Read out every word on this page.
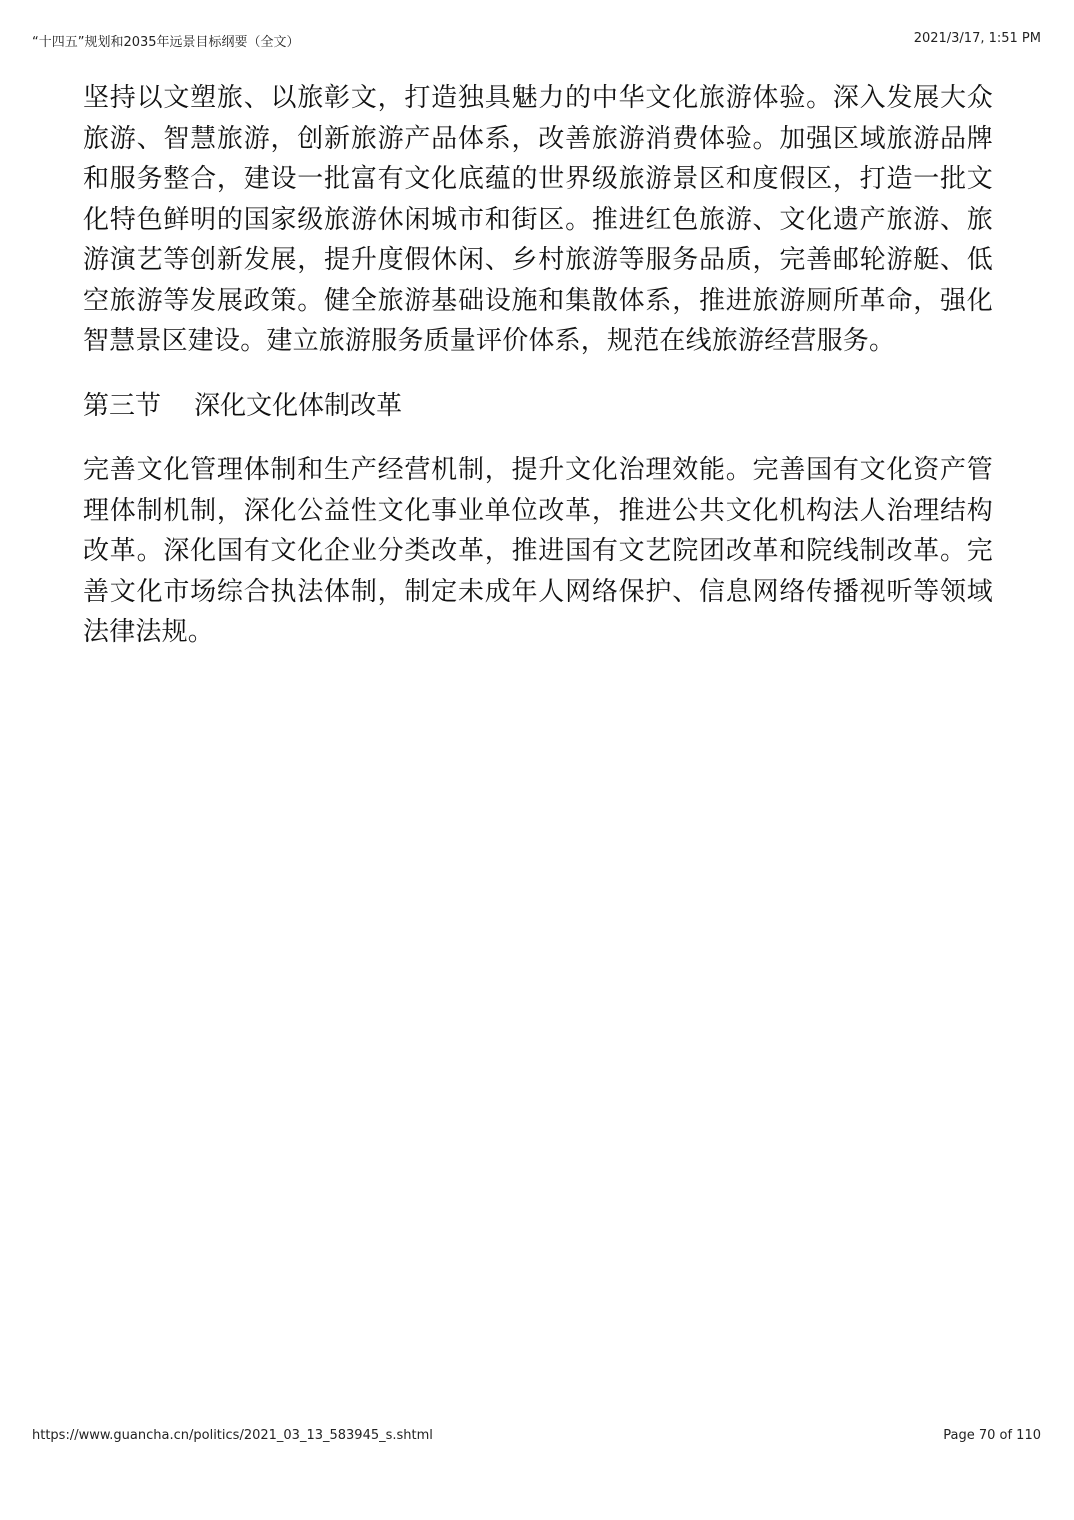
“十四五”规划和2035年远景目标纲要（全文）	2021/3/17, 1:51 PM

坚持以文塑旅、以旅彰文，打造独具魅力的中华文化旅游体验。深入发展大众旅游、智慧旅游，创新旅游产品体系，改善旅游消费体验。加强区域旅游品牌和服务整合，建设一批富有文化底蕴的世界级旅游景区和度假区，打造一批文化特色鲜明的国家级旅游休闲城市和街区。推进红色旅游、文化遗产旅游、旅游演艺等创新发展，提升度假休闲、乡村旅游等服务品质，完善邮轮游艇、低空旅游等发展政策。健全旅游基础设施和集散体系，推进旅游厕所革命，强化智慧景区建设。建立旅游服务质量评价体系，规范在线旅游经营服务。

第三节 深化文化体制改革

完善文化管理体制和生产经营机制，提升文化治理效能。完善国有文化资产管理体制机制，深化公益性文化事业单位改革，推进公共文化机构法人治理结构改革。深化国有文化企业分类改革，推进国有文艺院团改革和院线制改革。完善文化市场综合执法体制，制定未成年人网络保护、信息网络传播视听等领域法律法规。

https://www.guancha.cn/politics/2021_03_13_583945_s.shtml	Page 70 of 110
